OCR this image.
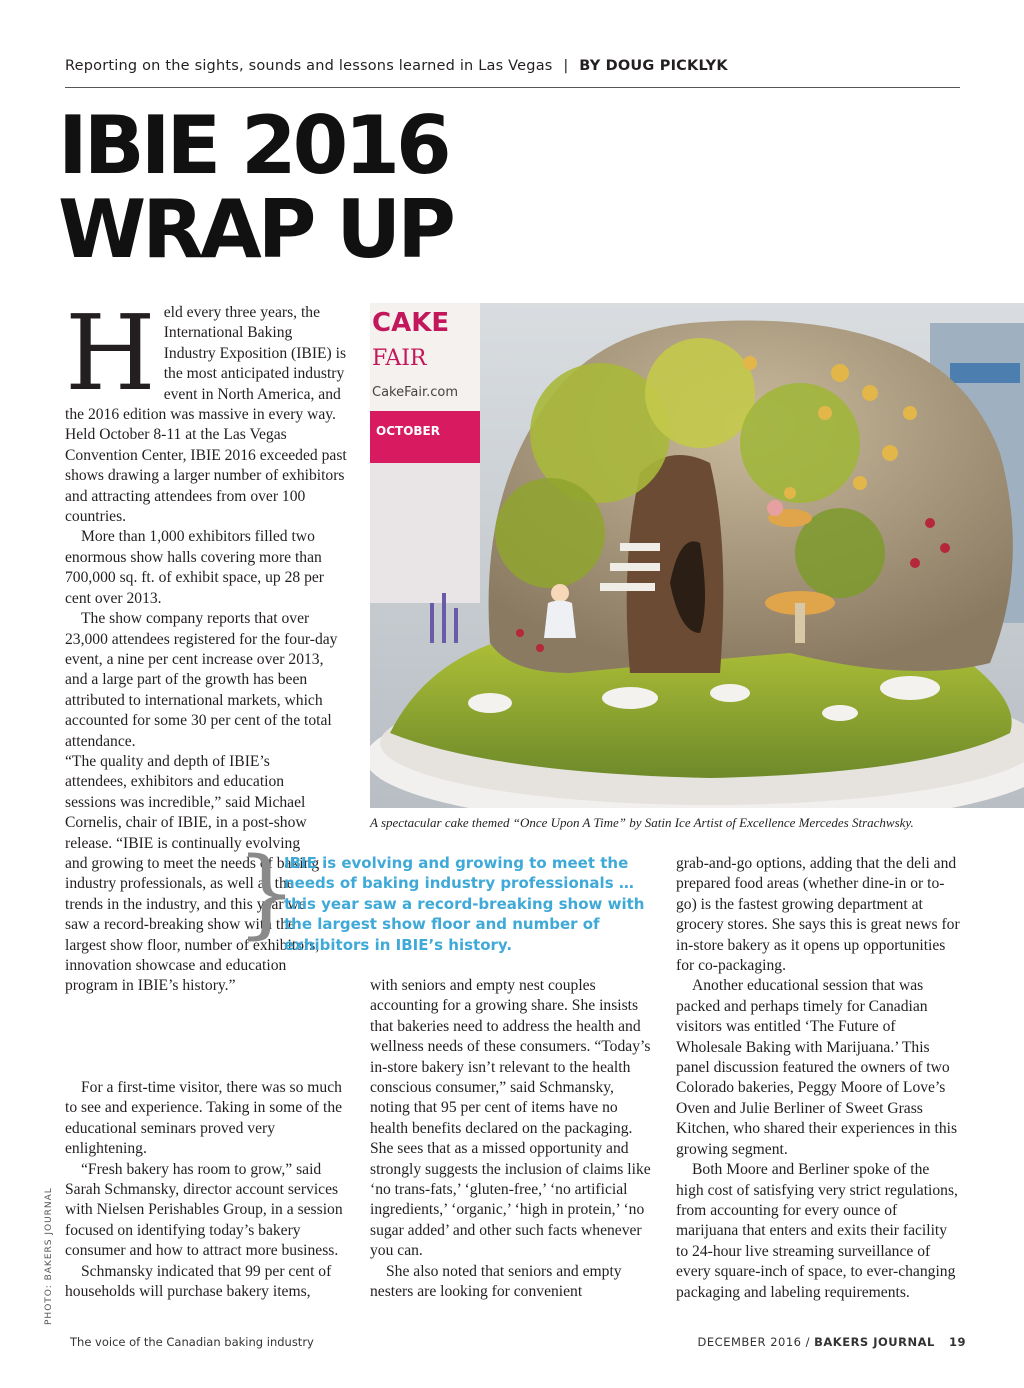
Reporting on the sights, sounds and lessons learned in Las Vegas | BY DOUG PICKLYK
IBIE 2016
WRAP UP
H eld every three years, the International Baking Industry Exposition (IBIE) is the most anticipated industry event in North America, and the 2016 edition was massive in every way. Held October 8-11 at the Las Vegas Convention Center, IBIE 2016 exceeded past shows drawing a larger number of exhibitors and attracting attendees from over 100 countries.

More than 1,000 exhibitors filled two enormous show halls covering more than 700,000 sq. ft. of exhibit space, up 28 per cent over 2013.

The show company reports that over 23,000 attendees registered for the four-day event, a nine per cent increase over 2013, and a large part of the growth has been attributed to international markets, which accounted for some 30 per cent of the total attendance.

“The quality and depth of IBIE’s attendees, exhibitors and education sessions was incredible,” said Michael Cornelis, chair of IBIE, in a post-show release. “IBIE is continually evolving and growing to meet the needs of baking industry professionals, as well as the trends in the industry, and this year we saw a record-breaking show with the largest show floor, number of exhibitors, innovation showcase and education program in IBIE’s history.”

For a first-time visitor, there was so much to see and experience. Taking in some of the educational seminars proved very enlightening.

“Fresh bakery has room to grow,” said Sarah Schmansky, director account services with Nielsen Perishables Group, in a session focused on identifying today’s bakery consumer and how to attract more business.

Schmansky indicated that 99 per cent of households will purchase bakery items,

CAKE
FAIR
CakeFair.com
OCTOBER
A spectacular cake themed “Once Upon A Time” by Satin Ice Artist of Excellence Mercedes Strachwsky.
}
IBIE is evolving and growing to meet the needs of baking industry professionals … this year saw a record-breaking show with the largest show floor and number of exhibitors in IBIE’s history.

with seniors and empty nest couples accounting for a growing share. She insists that bakeries need to address the health and wellness needs of these consumers. “Today’s in-store bakery isn’t relevant to the health conscious consumer,” said Schmansky, noting that 95 per cent of items have no health benefits declared on the packaging. She sees that as a missed opportunity and strongly suggests the inclusion of claims like ‘no trans-fats,’ ‘gluten-free,’ ‘no artificial ingredients,’ ‘organic,’ ‘high in protein,’ ‘no sugar added’ and other such facts whenever you can.

She also noted that seniors and empty nesters are looking for convenient

grab-and-go options, adding that the deli and prepared food areas (whether dine-in or to-go) is the fastest growing department at grocery stores. She says this is great news for in-store bakery as it opens up opportunities for co-packaging.

Another educational session that was packed and perhaps timely for Canadian visitors was entitled ‘The Future of Wholesale Baking with Marijuana.’ This panel discussion featured the owners of two Colorado bakeries, Peggy Moore of Love’s Oven and Julie Berliner of Sweet Grass Kitchen, who shared their experiences in this growing segment.

Both Moore and Berliner spoke of the high cost of satisfying very strict regulations, from accounting for every ounce of marijuana that enters and exits their facility to 24-hour live streaming surveillance of every square-inch of space, to ever-changing packaging and labeling requirements.

PHOTO: BAKERS JOURNAL
The voice of the Canadian baking industry	DECEMBER 2016 / BAKERS JOURNAL 19
